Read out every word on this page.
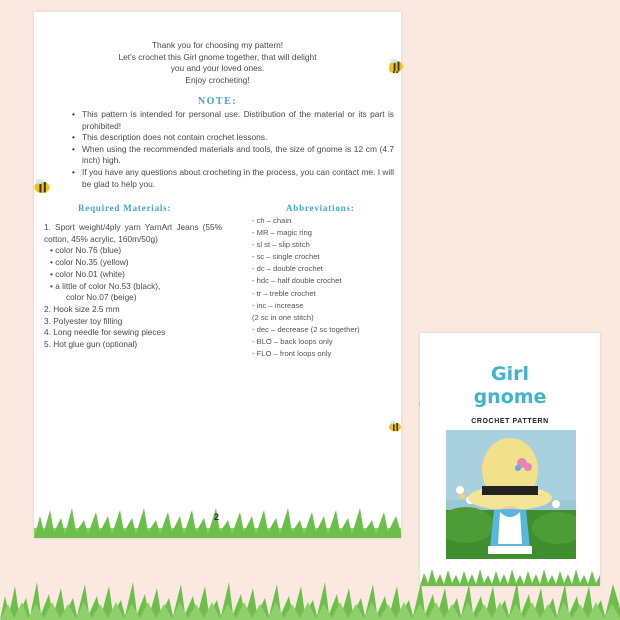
Thank you for choosing my pattern!
Let's crochet this Girl gnome together, that will delight
you and your loved ones.
Enjoy crocheting!
NOTE:
• This pattern is intended for personal use. Distribution of the material or its part is prohibited!
• This description does not contain crochet lessons.
• When using the recommended materials and tools, the size of gnome is 12 cm (4.7 inch) high.
• If you have any questions about crocheting in the process, you can contact me. I will be glad to help you.
Required Materials:	Abbreviations:
1. Sport weight/4ply yarn YarnArt Jeans (55% cotton, 45% acrylic, 160m/50g)
• color No.76 (blue)
• color No.35 (yellow)
• color No.01 (white)
• a little of color No.53 (black),
color No.07 (beige)
2. Hook size 2.5 mm
3. Polyester toy filling
4. Long needle for sewing pieces
5. Hot glue gun (optional)
- ch – chain
- MR – magic ring
- sl st – slip stitch
- sc – single crochet
- dc – double crochet
- hdc – half double crochet
- tr – treble crochet
- inc – increase
(2 sc in one stitch)
- dec – decrease (2 sc together)
- BLO – back loops only
- FLO – front loops only
2
Girl
gnome
CROCHET PATTERN
